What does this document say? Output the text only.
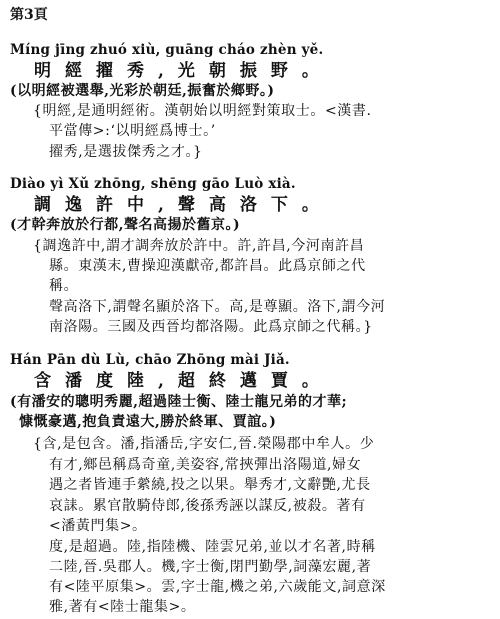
第3頁
Míng jīng zhuó xiù, guāng cháo zhèn yě.
明經擢秀,光朝振野。
(以明經被選舉,光彩於朝廷,振奮於鄉野。)
{明經,是通明經術。漢朝始以明經對策取士。<漢書.
平當傳>:‘以明經爲博士。’
擢秀,是選拔傑秀之才。}
Diào yì Xǔ zhōng, shēng gāo Luò xià.
調逸許中,聲高洛下。
(才幹奔放於行都,聲名高揚於舊京。)
{調逸許中,謂才調奔放於許中。許,許昌,今河南許昌
縣。東漢末,曹操迎漢獻帝,都許昌。此爲京師之代
稱。
聲高洛下,謂聲名顯於洛下。高,是尊顯。洛下,謂今河
南洛陽。三國及西晉均都洛陽。此爲京師之代稱。}
Hán Pān dù Lù, chāo Zhōng mài Jiǎ.
含潘度陸,超終邁賈。
(有潘安的聰明秀麗,超過陸士衡、陸士龍兄弟的才華;
慷慨豪邁,抱負責遠大,勝於終軍、賈誼。)
{含,是包含。潘,指潘岳,字安仁,晉.榮陽郡中牟人。少
有才,鄉邑稱爲奇童,美姿容,常挾彈出洛陽道,婦女
遇之者皆連手縈繞,投之以果。舉秀才,文辭艷,尤長
哀誄。累官散騎侍郎,後孫秀誣以謀反,被殺。著有
<潘黃門集>。
度,是超過。陸,指陸機、陸雲兄弟,並以才名著,時稱
二陸,晉.吳郡人。機,字士衡,閉門勤學,詞藻宏麗,著
有<陸平原集>。雲,字士龍,機之弟,六歲能文,詞意深
雅,著有<陸士龍集>。
